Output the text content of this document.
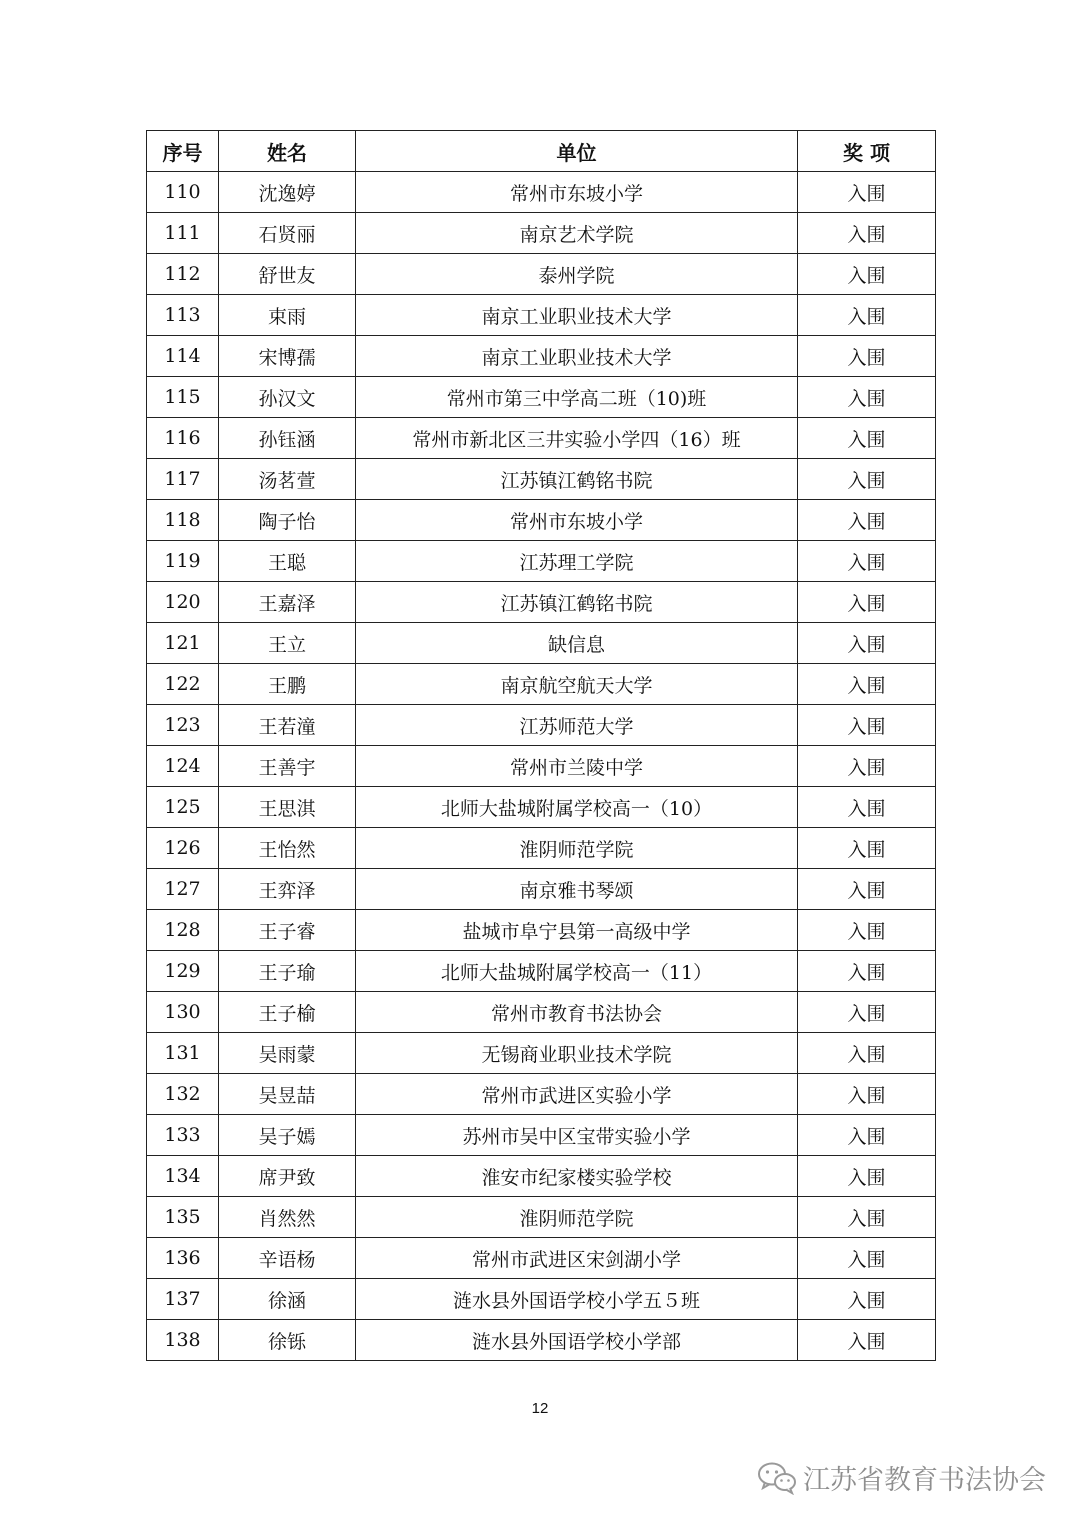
序号	姓名	单位	奖 项
110	沈逸婷	常州市东坡小学	入围
111	石贤丽	南京艺术学院	入围
112	舒世友	泰州学院	入围
113	束雨	南京工业职业技术大学	入围
114	宋博孺	南京工业职业技术大学	入围
115	孙汉文	常州市第三中学高二班（10)班	入围
116	孙钰涵	常州市新北区三井实验小学四（16）班	入围
117	汤茗萱	江苏镇江鹤铭书院	入围
118	陶子怡	常州市东坡小学	入围
119	王聪	江苏理工学院	入围
120	王嘉泽	江苏镇江鹤铭书院	入围
121	王立	缺信息	入围
122	王鹏	南京航空航天大学	入围
123	王若潼	江苏师范大学	入围
124	王善宇	常州市兰陵中学	入围
125	王思淇	北师大盐城附属学校高一（10）	入围
126	王怡然	淮阴师范学院	入围
127	王弈泽	南京雅书琴颂	入围
128	王子睿	盐城市阜宁县第一高级中学	入围
129	王子瑜	北师大盐城附属学校高一（11）	入围
130	王子榆	常州市教育书法协会	入围
131	吴雨蒙	无锡商业职业技术学院	入围
132	吴昱喆	常州市武进区实验小学	入围
133	吴子嫣	苏州市吴中区宝带实验小学	入围
134	席尹致	淮安市纪家楼实验学校	入围
135	肖然然	淮阴师范学院	入围
136	辛语杨	常州市武进区宋剑湖小学	入围
137	徐涵	涟水县外国语学校小学五５班	入围
138	徐铄	涟水县外国语学校小学部	入围
12
江苏省教育书法协会
